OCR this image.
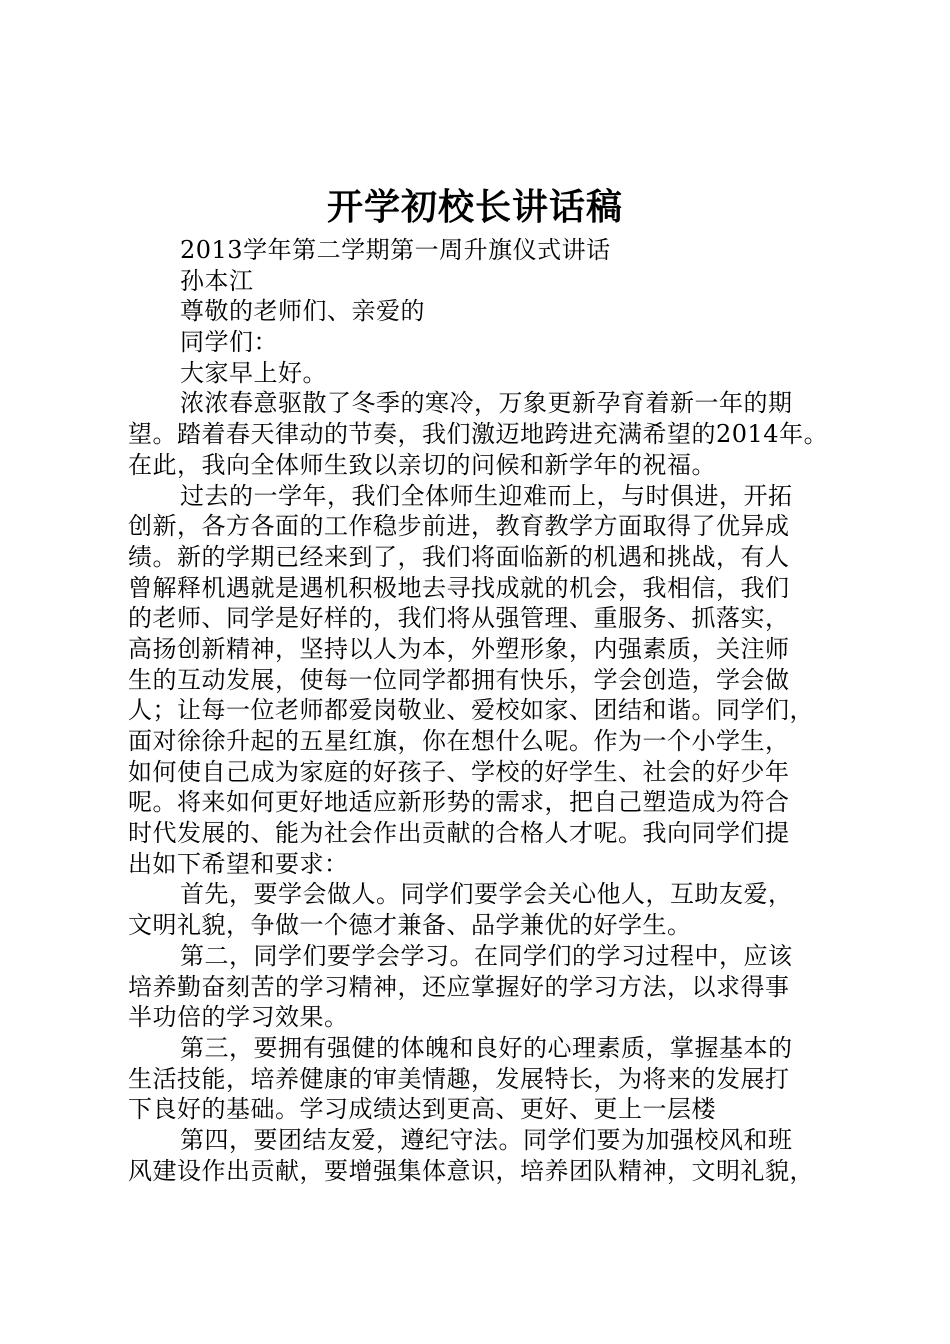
开学初校长讲话稿
2013学年第二学期第一周升旗仪式讲话
孙本江
尊敬的老师们、亲爱的
同学们：
大家早上好。
浓浓春意驱散了冬季的寒冷，万象更新孕育着新一年的期
望。踏着春天律动的节奏，我们激迈地跨进充满希望的2014年。
在此，我向全体师生致以亲切的问候和新学年的祝福。
过去的一学年，我们全体师生迎难而上，与时俱进，开拓
创新，各方各面的工作稳步前进，教育教学方面取得了优异成
绩。新的学期已经来到了，我们将面临新的机遇和挑战，有人
曾解释机遇就是遇机积极地去寻找成就的机会，我相信，我们
的老师、同学是好样的，我们将从强管理、重服务、抓落实，
高扬创新精神，坚持以人为本，外塑形象，内强素质，关注师
生的互动发展，使每一位同学都拥有快乐，学会创造，学会做
人；让每一位老师都爱岗敬业、爱校如家、团结和谐。同学们，
面对徐徐升起的五星红旗，你在想什么呢。作为一个小学生，
如何使自己成为家庭的好孩子、学校的好学生、社会的好少年
呢。将来如何更好地适应新形势的需求，把自己塑造成为符合
时代发展的、能为社会作出贡献的合格人才呢。我向同学们提
出如下希望和要求：
首先，要学会做人。同学们要学会关心他人，互助友爱，
文明礼貌，争做一个德才兼备、品学兼优的好学生。
第二，同学们要学会学习。在同学们的学习过程中，应该
培养勤奋刻苦的学习精神，还应掌握好的学习方法，以求得事
半功倍的学习效果。
第三，要拥有强健的体魄和良好的心理素质，掌握基本的
生活技能，培养健康的审美情趣，发展特长，为将来的发展打
下良好的基础。学习成绩达到更高、更好、更上一层楼
第四，要团结友爱，遵纪守法。同学们要为加强校风和班
风建设作出贡献，要增强集体意识，培养团队精神，文明礼貌，
